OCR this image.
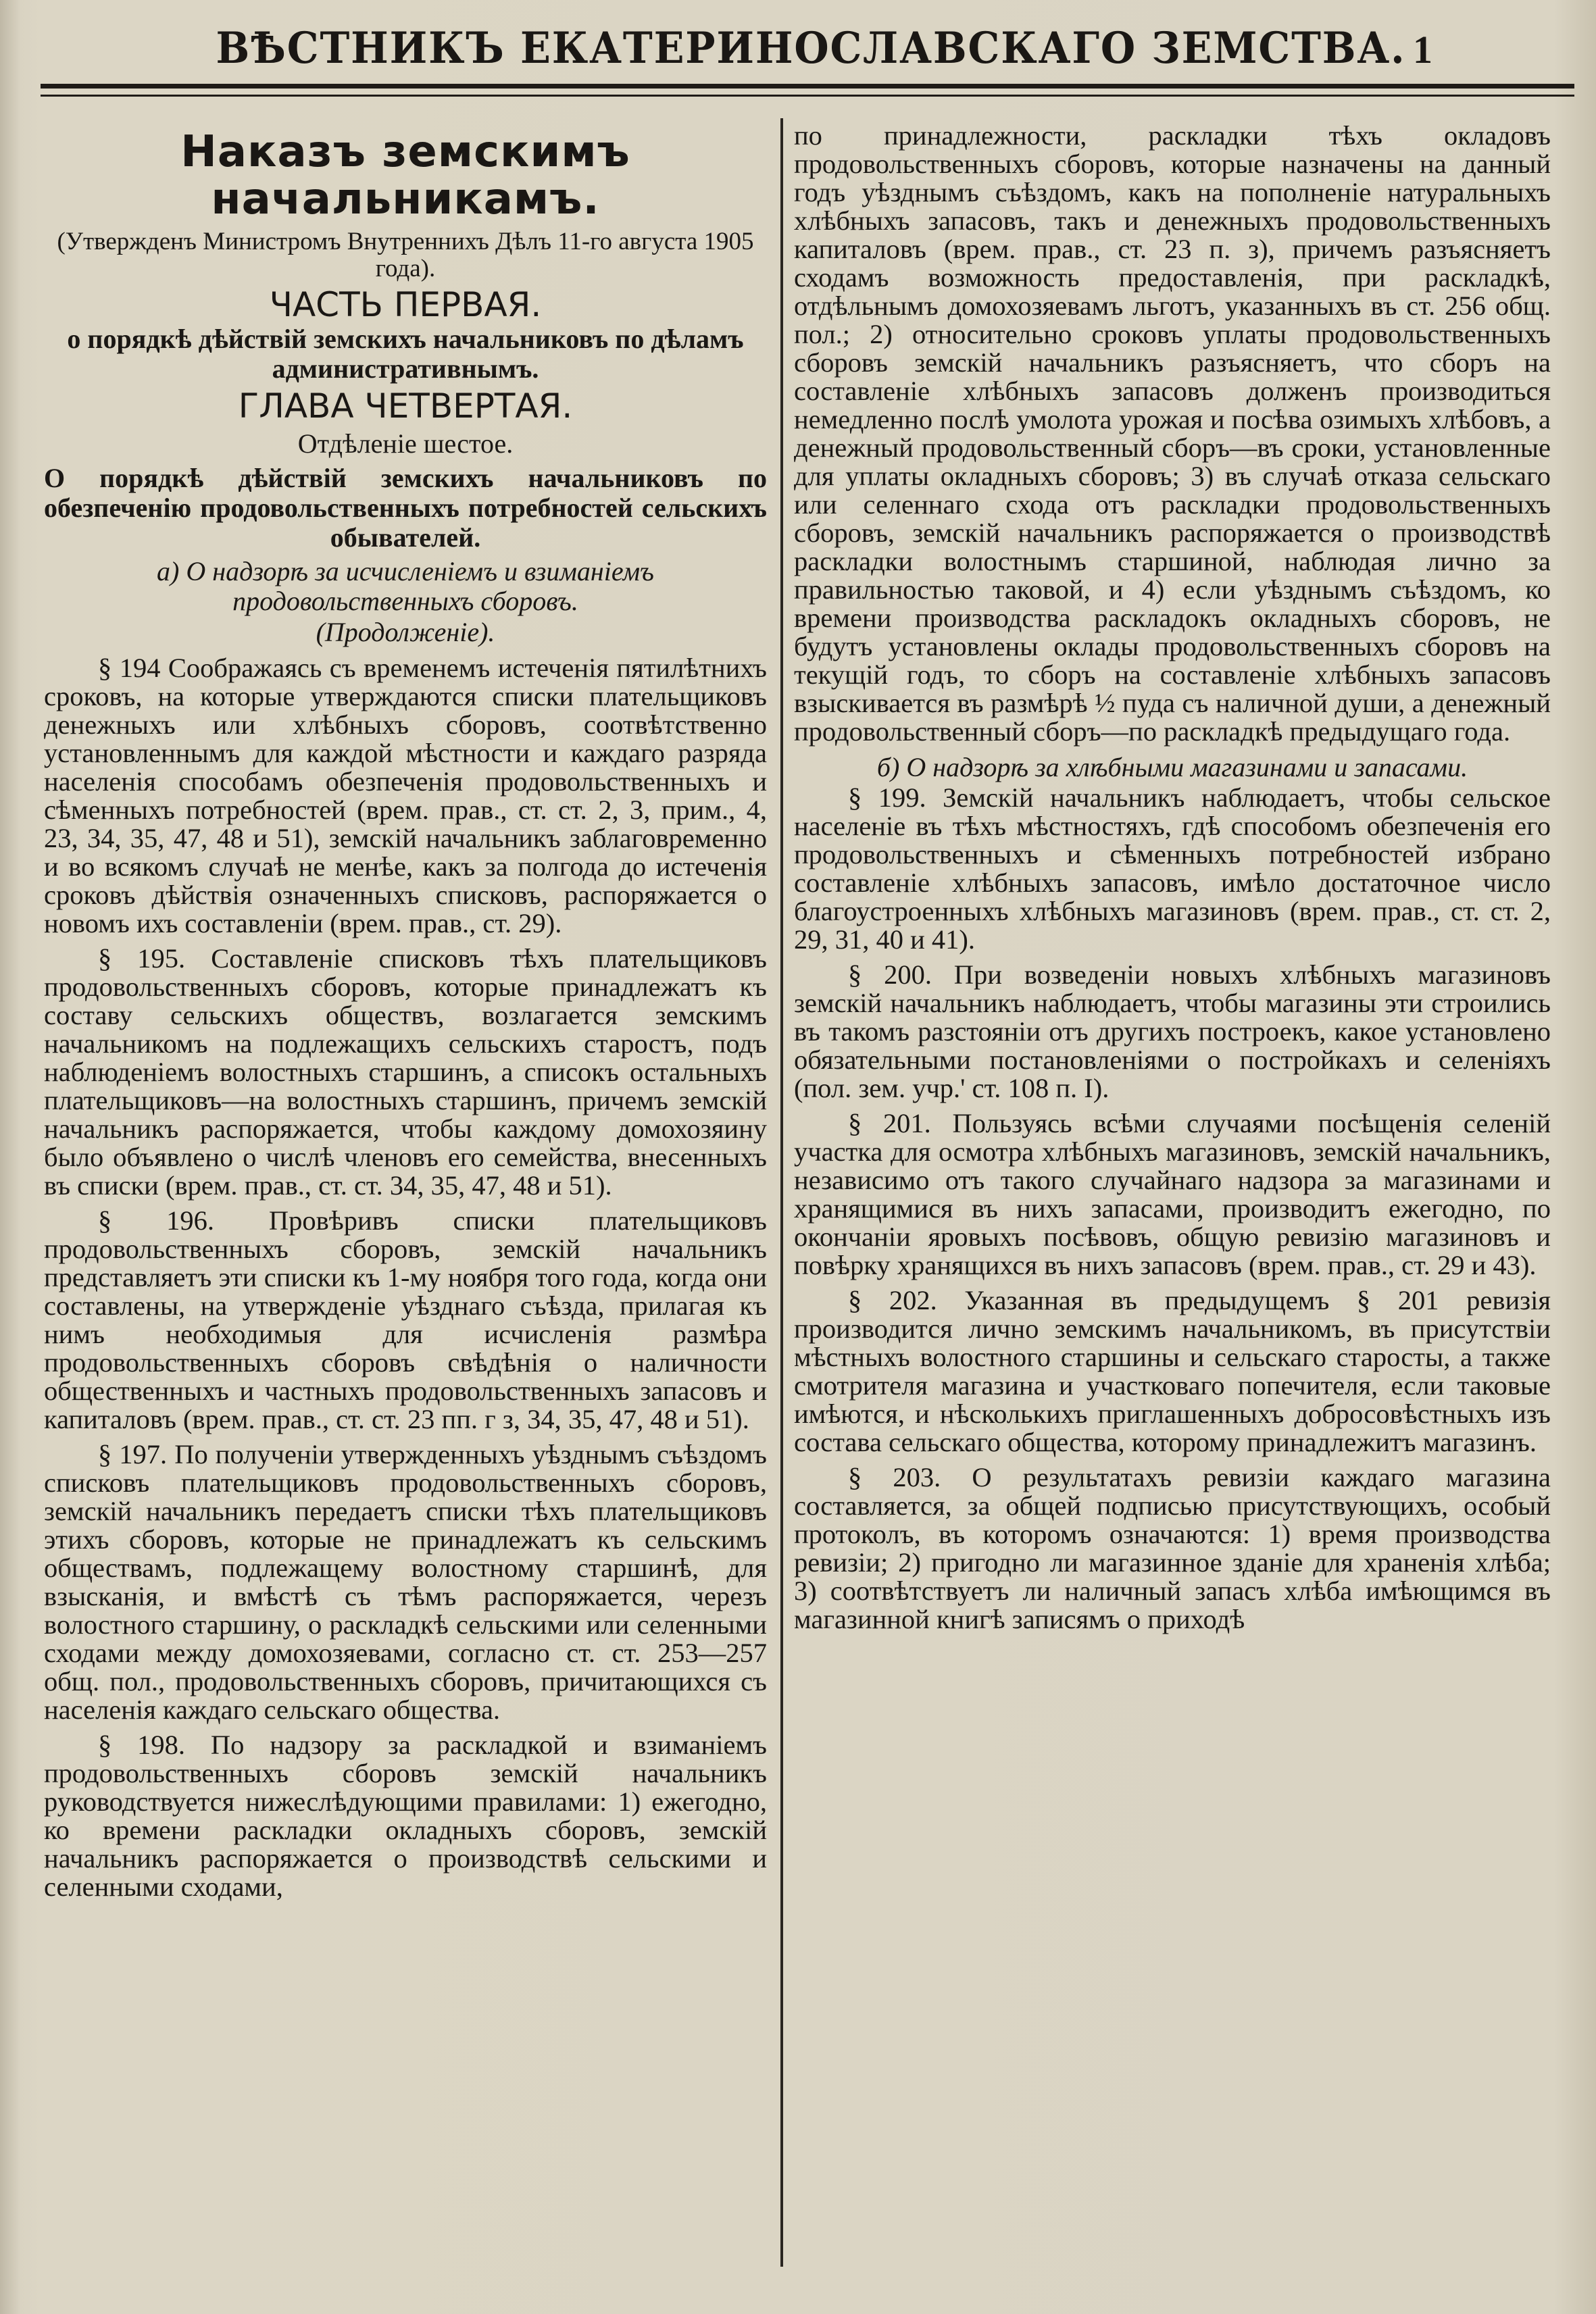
ВѢСТНИКЪ ЕКАТЕРИНОСЛАВСКАГО ЗЕМСТВА. 1
Наказъ земскимъ начальникамъ.
(Утвержденъ Министромъ Внутреннихъ Дѣлъ 11-го августа 1905 года).
ЧАСТЬ ПЕРВАЯ.
о порядкѣ дѣйствій земскихъ начальниковъ по дѣламъ административнымъ.
ГЛАВА ЧЕТВЕРТАЯ.
Отдѣленіе шестое.
О порядкѣ дѣйствій земскихъ начальниковъ по обезпеченію продовольственныхъ потребностей сельскихъ обывателей.
а) О надзорѣ за исчисленіемъ и взиманіемъ продовольственныхъ сборовъ.
(Продолженіе).

§ 194 Соображаясь съ временемъ истеченія пятилѣтнихъ сроковъ, на которые утверждаются списки плательщиковъ денежныхъ или хлѣбныхъ сборовъ, соотвѣтственно установленнымъ для каждой мѣстности и каждаго разряда населенія способамъ обезпеченія продовольственныхъ и сѣменныхъ потребностей (врем. прав., ст. ст. 2, 3, прим., 4, 23, 34, 35, 47, 48 и 51), земскій начальникъ заблаговременно и во всякомъ случаѣ не менѣе, какъ за полгода до истеченія сроковъ дѣйствія означенныхъ списковъ, распоряжается о новомъ ихъ составленіи (врем. прав., ст. 29).

§ 195. Составленіе списковъ тѣхъ плательщиковъ продовольственныхъ сборовъ, которые принадлежатъ къ составу сельскихъ обществъ, возлагается земскимъ начальникомъ на подлежащихъ сельскихъ старостъ, подъ наблюденіемъ волостныхъ старшинъ, а списокъ остальныхъ плательщиковъ—на волостныхъ старшинъ, причемъ земскій начальникъ распоряжается, чтобы каждому домохозяину было объявлено о числѣ членовъ его семейства, внесенныхъ въ списки (врем. прав., ст. ст. 34, 35, 47, 48 и 51).

§ 196. Провѣривъ списки плательщиковъ продовольственныхъ сборовъ, земскій начальникъ представляетъ эти списки къ 1-му ноября того года, когда они составлены, на утвержденіе уѣзднаго съѣзда, прилагая къ нимъ необходимыя для исчисленія размѣра продовольственныхъ сборовъ свѣдѣнія о наличности общественныхъ и частныхъ продовольственныхъ запасовъ и капиталовъ (врем. прав., ст. ст. 23 пп. г з, 34, 35, 47, 48 и 51).

§ 197. По полученіи утвержденныхъ уѣзднымъ съѣздомъ списковъ плательщиковъ продовольственныхъ сборовъ, земскій начальникъ передаетъ списки тѣхъ плательщиковъ этихъ сборовъ, которые не принадлежатъ къ сельскимъ обществамъ, подлежащему волостному старшинѣ, для взысканія, и вмѣстѣ съ тѣмъ распоряжается, черезъ волостного старшину, о раскладкѣ сельскими или селенными сходами между домохозяевами, согласно ст. ст. 253—257 общ. пол., продовольственныхъ сборовъ, причитающихся съ населенія каждаго сельскаго общества.

§ 198. По надзору за раскладкой и взиманіемъ продовольственныхъ сборовъ земскій начальникъ руководствуется нижеслѣдующими правилами: 1) ежегодно, ко времени раскладки окладныхъ сборовъ, земскій начальникъ распоряжается о производствѣ сельскими и селенными сходами,

по принадлежности, раскладки тѣхъ окладовъ продовольственныхъ сборовъ, которые назначены на данный годъ уѣзднымъ съѣздомъ, какъ на пополненіе натуральныхъ хлѣбныхъ запасовъ, такъ и денежныхъ продовольственныхъ капиталовъ (врем. прав., ст. 23 п. з), причемъ разъясняетъ сходамъ возможность предоставленія, при раскладкѣ, отдѣльнымъ домохозяевамъ льготъ, указанныхъ въ ст. 256 общ. пол.; 2) относительно сроковъ уплаты продовольственныхъ сборовъ земскій начальникъ разъясняетъ, что сборъ на составленіе хлѣбныхъ запасовъ долженъ производиться немедленно послѣ умолота урожая и посѣва озимыхъ хлѣбовъ, а денежный продовольственный сборъ—въ сроки, установленные для уплаты окладныхъ сборовъ; 3) въ случаѣ отказа сельскаго или селеннаго схода отъ раскладки продовольственныхъ сборовъ, земскій начальникъ распоряжается о производствѣ раскладки волостнымъ старшиной, наблюдая лично за правильностью таковой, и 4) если уѣзднымъ съѣздомъ, ко времени производства раскладокъ окладныхъ сборовъ, не будутъ установлены оклады продовольственныхъ сборовъ на текущій годъ, то сборъ на составленіе хлѣбныхъ запасовъ взыскивается въ размѣрѣ ½ пуда съ наличной души, а денежный продовольственный сборъ—по раскладкѣ предыдущаго года.

б) О надзорѣ за хлѣбными магазинами и запасами.

§ 199. Земскій начальникъ наблюдаетъ, чтобы сельское населеніе въ тѣхъ мѣстностяхъ, гдѣ способомъ обезпеченія его продовольственныхъ и сѣменныхъ потребностей избрано составленіе хлѣбныхъ запасовъ, имѣло достаточное число благоустроенныхъ хлѣбныхъ магазиновъ (врем. прав., ст. ст. 2, 29, 31, 40 и 41).

§ 200. При возведеніи новыхъ хлѣбныхъ магазиновъ земскій начальникъ наблюдаетъ, чтобы магазины эти строились въ такомъ разстояніи отъ другихъ построекъ, какое установлено обязательными постановленіями о постройкахъ и селеніяхъ (пол. зем. учр.' ст. 108 п. I).

§ 201. Пользуясь всѣми случаями посѣщенія селеній участка для осмотра хлѣбныхъ магазиновъ, земскій начальникъ, независимо отъ такого случайнаго надзора за магазинами и хранящимися въ нихъ запасами, производитъ ежегодно, по окончаніи яровыхъ посѣвовъ, общую ревизію магазиновъ и повѣрку хранящихся въ нихъ запасовъ (врем. прав., ст. 29 и 43).

§ 202. Указанная въ предыдущемъ § 201 ревизія производится лично земскимъ начальникомъ, въ присутствіи мѣстныхъ волостного старшины и сельскаго старосты, а также смотрителя магазина и участковаго попечителя, если таковые имѣются, и нѣсколькихъ приглашенныхъ добросовѣстныхъ изъ состава сельскаго общества, которому принадлежитъ магазинъ.

§ 203. О результатахъ ревизіи каждаго магазина составляется, за общей подписью присутствующихъ, особый протоколъ, въ которомъ означаются: 1) время производства ревизіи; 2) пригодно ли магазинное зданіе для храненія хлѣба; 3) соотвѣтствуетъ ли наличный запасъ хлѣба имѣющимся въ магазинной книгѣ записямъ о приходѣ
